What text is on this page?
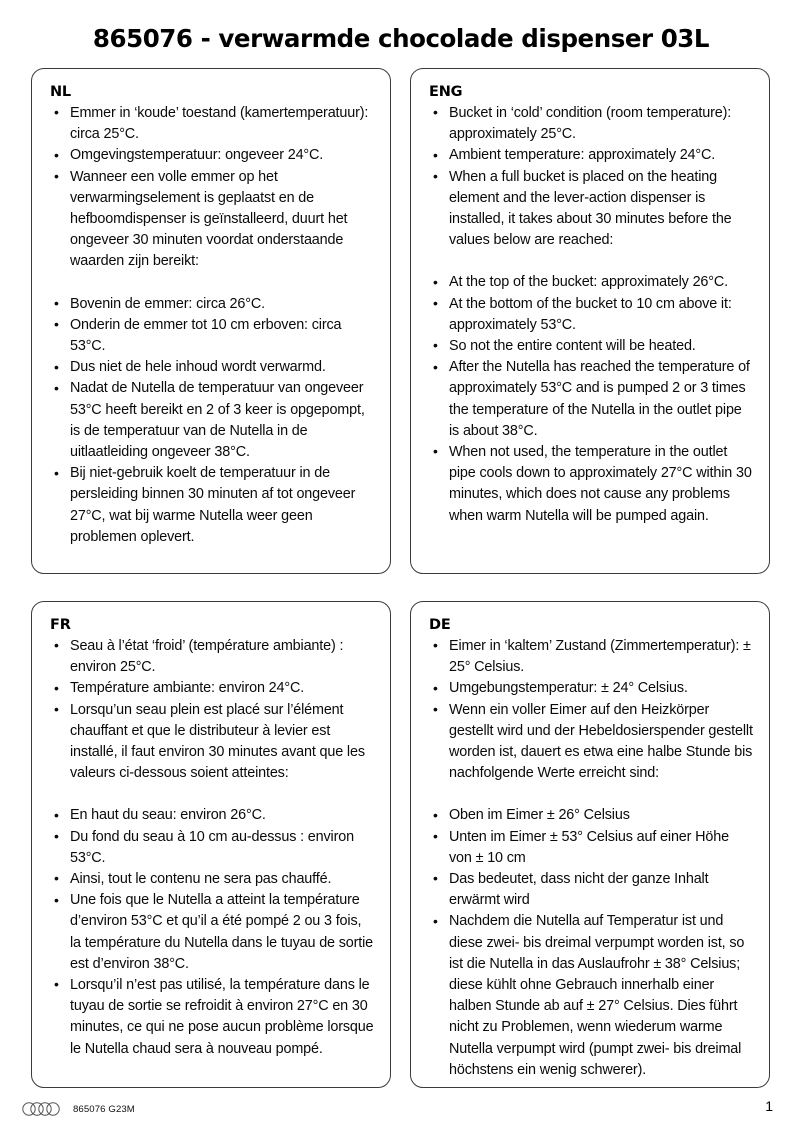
865076 - verwarmde chocolade dispenser 03L
NL
• Emmer in ‘koude’ toestand (kamertemperatuur): circa 25°C.
• Omgevingstemperatuur: ongeveer 24°C.
• Wanneer een volle emmer op het verwarmingselement is geplaatst en de hefboomdispenser is geïnstalleerd, duurt het ongeveer 30 minuten voordat onderstaande waarden zijn bereikt:
• Bovenin de emmer: circa 26°C.
• Onderin de emmer tot 10 cm erboven: circa 53°C.
• Dus niet de hele inhoud wordt verwarmd.
• Nadat de Nutella de temperatuur van ongeveer 53°C heeft bereikt en 2 of 3 keer is opgepompt, is de temperatuur van de Nutella in de uitlaatleiding ongeveer 38°C.
• Bij niet-gebruik koelt de temperatuur in de persleiding binnen 30 minuten af tot ongeveer 27°C, wat bij warme Nutella weer geen problemen oplevert.
ENG
• Bucket in ‘cold’ condition (room temperature): approximately 25°C.
• Ambient temperature: approximately 24°C.
• When a full bucket is placed on the heating element and the lever-action dispenser is installed, it takes about 30 minutes before the values below are reached:
• At the top of the bucket: approximately 26°C.
• At the bottom of the bucket to 10 cm above it: approximately 53°C.
• So not the entire content will be heated.
• After the Nutella has reached the temperature of approximately 53°C and is pumped 2 or 3 times the temperature of the Nutella in the outlet pipe is about 38°C.
• When not used, the temperature in the outlet pipe cools down to approximately 27°C within 30 minutes, which does not cause any problems when warm Nutella will be pumped again.
FR
• Seau à l’état ‘froid’ (température ambiante) : environ 25°C.
• Température ambiante: environ 24°C.
• Lorsqu’un seau plein est placé sur l’élément chauffant et que le distributeur à levier est installé, il faut environ 30 minutes avant que les valeurs ci-dessous soient atteintes:
• En haut du seau: environ 26°C.
• Du fond du seau à 10 cm au-dessus : environ 53°C.
• Ainsi, tout le contenu ne sera pas chauffé.
• Une fois que le Nutella a atteint la température d’environ 53°C et qu’il a été pompé 2 ou 3 fois, la température du Nutella dans le tuyau de sortie est d’environ 38°C.
• Lorsqu’il n’est pas utilisé, la température dans le tuyau de sortie se refroidit à environ 27°C en 30 minutes, ce qui ne pose aucun problème lorsque le Nutella chaud sera à nouveau pompé.
DE
• Eimer in ‘kaltem’ Zustand (Zimmertemperatur): ± 25° Celsius.
• Umgebungstemperatur: ± 24° Celsius.
• Wenn ein voller Eimer auf den Heizkörper gestellt wird und der Hebeldosierspender gestellt worden ist, dauert es etwa eine halbe Stunde bis nachfolgende Werte erreicht sind:
• Oben im Eimer ± 26° Celsius
• Unten im Eimer ± 53° Celsius auf einer Höhe von ± 10 cm
• Das bedeutet, dass nicht der ganze Inhalt erwärmt wird
• Nachdem die Nutella auf Temperatur ist und diese zwei- bis dreimal verpumpt worden ist, so ist die Nutella in das Auslaufrohr ± 38° Celsius; diese kühlt ohne Gebrauch innerhalb einer halben Stunde ab auf ± 27° Celsius. Dies führt nicht zu Problemen, wenn wiederum warme Nutella verpumpt wird (pumpt zwei- bis dreimal höchstens ein wenig schwerer).
865076 G23M	1
